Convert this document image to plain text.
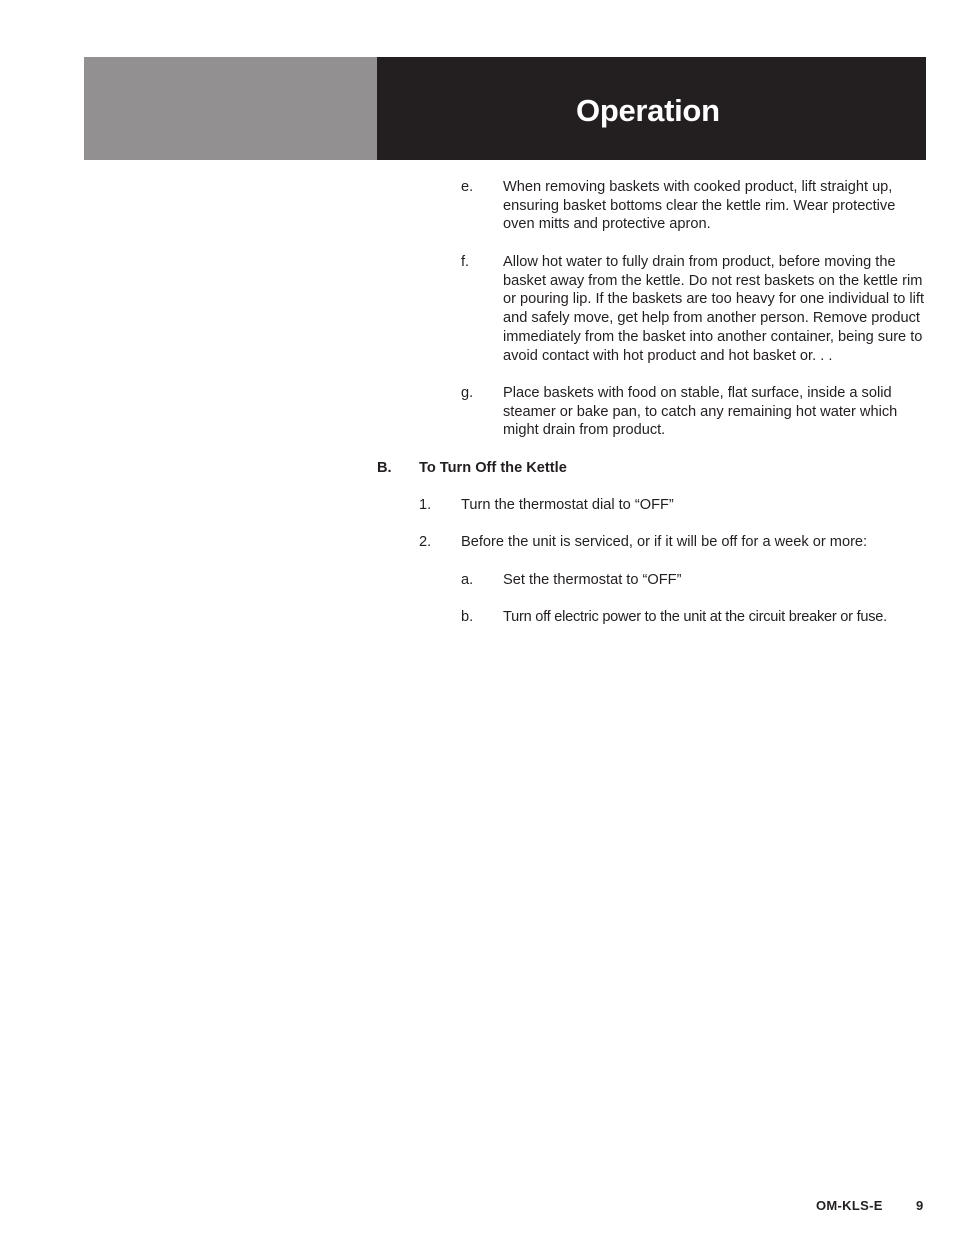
Operation
e. When removing baskets with cooked product, lift straight up,
ensuring basket bottoms clear the kettle rim. Wear protective
oven mitts and protective apron.
f. Allow hot water to fully drain from product, before moving the
basket away from the kettle. Do not rest baskets on the kettle rim
or pouring lip. If the baskets are too heavy for one individual to lift
and safely move, get help from another person. Remove product
immediately from the basket into another container, being sure to
avoid contact with hot product and hot basket or. . .
g. Place baskets with food on stable, flat surface, inside a solid
steamer or bake pan, to catch any remaining hot water which
might drain from product.
B. To Turn Off the Kettle
1. Turn the thermostat dial to “OFF”
2. Before the unit is serviced, or if it will be off for a week or more:
a. Set the thermostat to “OFF”
b. Turn off electric power to the unit at the circuit breaker or fuse.
OM-KLS-E	9
